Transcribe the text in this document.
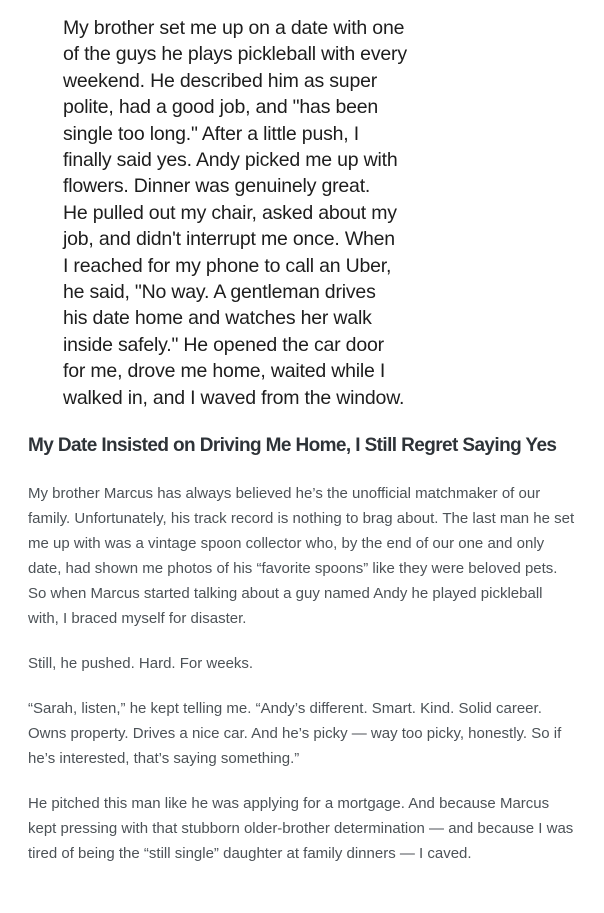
My brother set me up on a date with one
of the guys he plays pickleball with every
weekend. He described him as super
polite, had a good job, and "has been
single too long." After a little push, I
finally said yes. Andy picked me up with
flowers. Dinner was genuinely great.
He pulled out my chair, asked about my
job, and didn't interrupt me once. When
I reached for my phone to call an Uber,
he said, "No way. A gentleman drives
his date home and watches her walk
inside safely." He opened the car door
for me, drove me home, waited while I
walked in, and I waved from the window.
My Date Insisted on Driving Me Home, I Still Regret Saying Yes

My brother Marcus has always believed he’s the unofficial matchmaker of our family. Unfortunately, his track record is nothing to brag about. The last man he set me up with was a vintage spoon collector who, by the end of our one and only date, had shown me photos of his “favorite spoons” like they were beloved pets. So when Marcus started talking about a guy named Andy he played pickleball with, I braced myself for disaster.

Still, he pushed. Hard. For weeks.

“Sarah, listen,” he kept telling me. “Andy’s different. Smart. Kind. Solid career. Owns property. Drives a nice car. And he’s picky — way too picky, honestly. So if he’s interested, that’s saying something.”

He pitched this man like he was applying for a mortgage. And because Marcus kept pressing with that stubborn older-brother determination — and because I was tired of being the “still single” daughter at family dinners — I caved.
